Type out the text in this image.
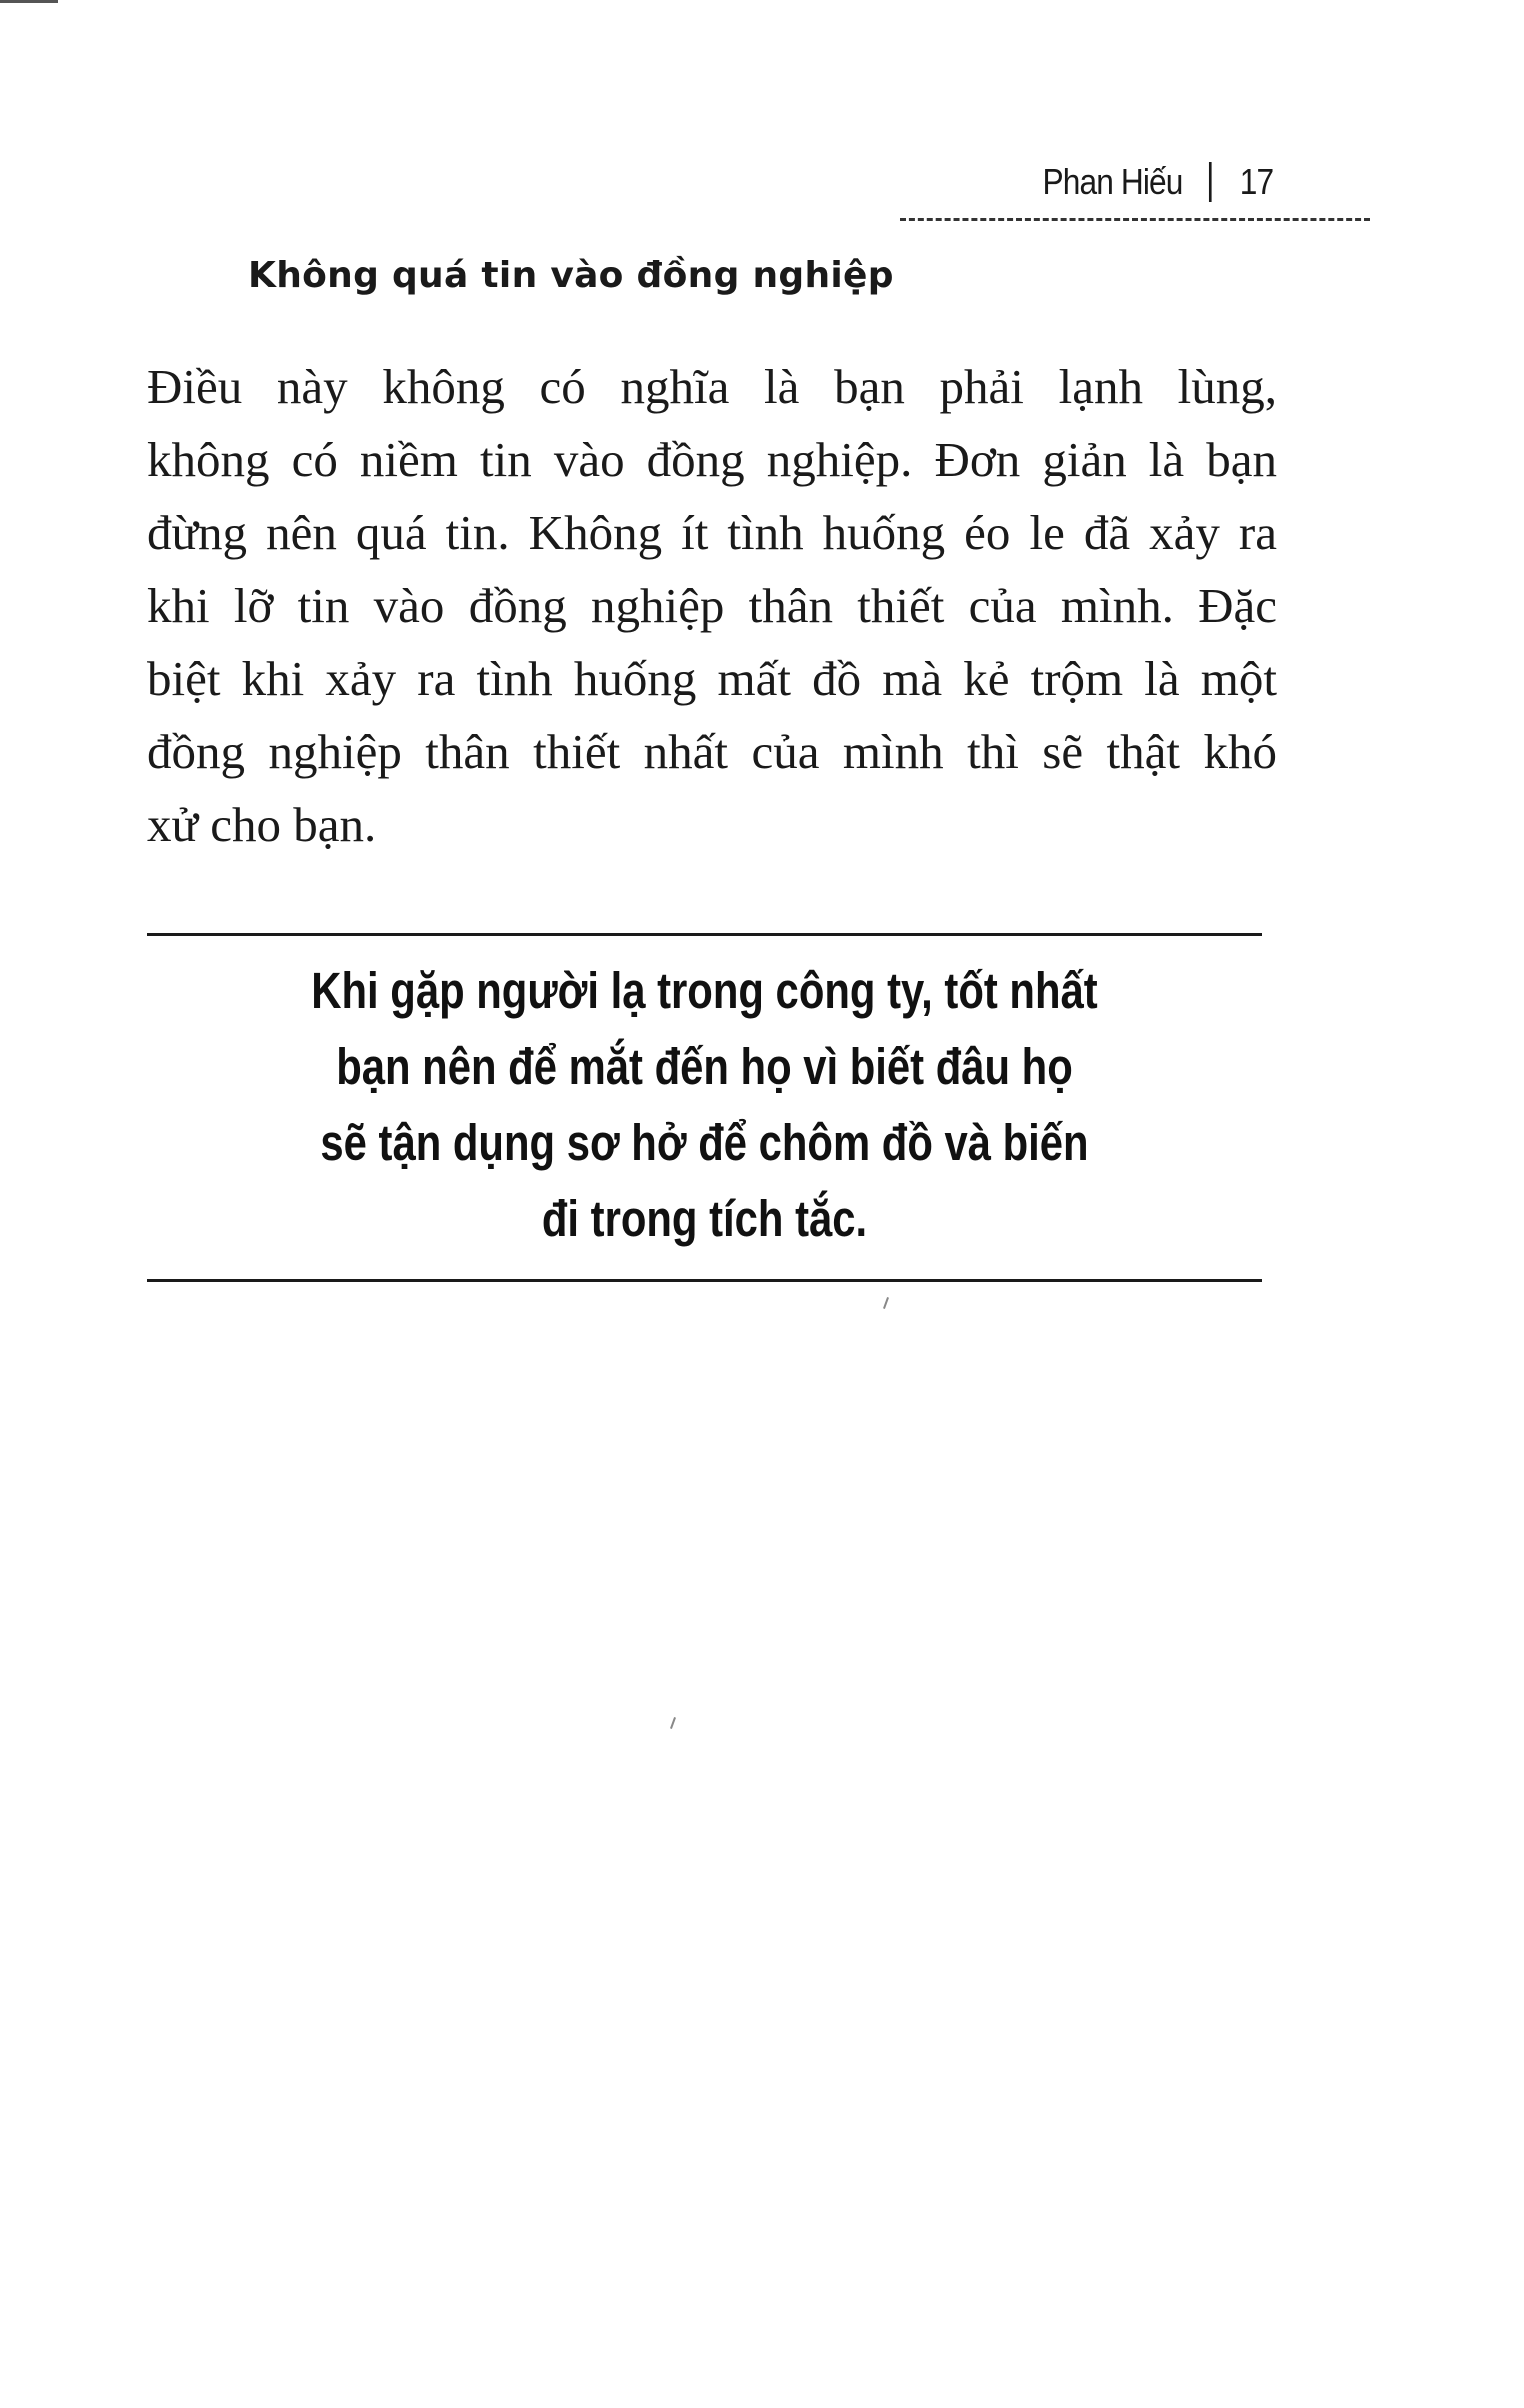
Phan Hiếu 17
Không quá tin vào đồng nghiệp
Điều này không có nghĩa là bạn phải lạnh lùng,
không có niềm tin vào đồng nghiệp. Đơn giản là bạn
đừng nên quá tin. Không ít tình huống éo le đã xảy ra
khi lỡ tin vào đồng nghiệp thân thiết của mình. Đặc
biệt khi xảy ra tình huống mất đồ mà kẻ trộm là một
đồng nghiệp thân thiết nhất của mình thì sẽ thật khó
xử cho bạn.
Khi gặp người lạ trong công ty, tốt nhất
bạn nên để mắt đến họ vì biết đâu họ
sẽ tận dụng sơ hở để chôm đồ và biến
đi trong tích tắc.
